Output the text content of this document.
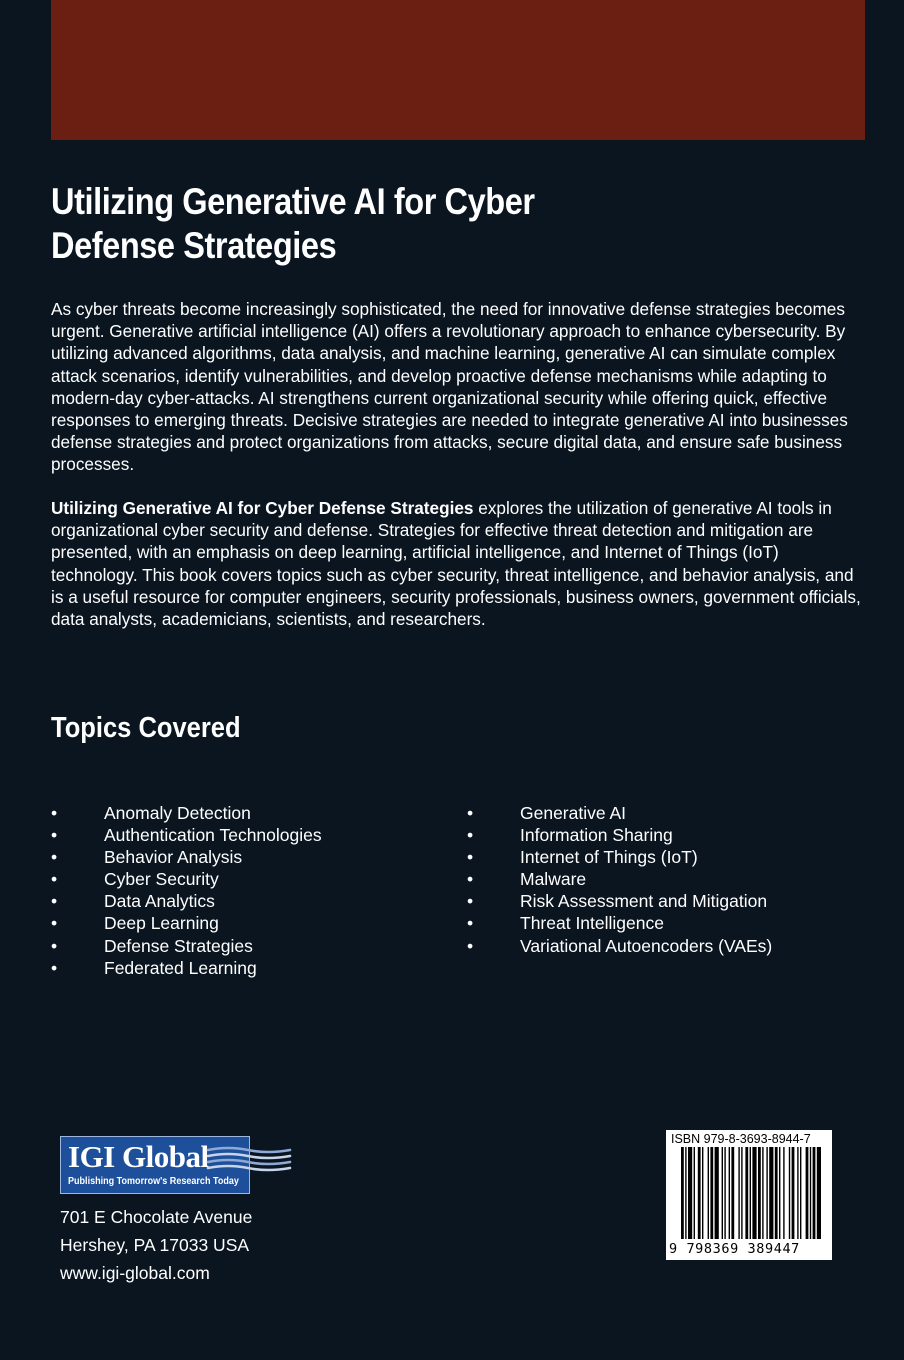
Utilizing Generative AI for Cyber
Defense Strategies

As cyber threats become increasingly sophisticated, the need for innovative defense strategies becomes urgent. Generative artificial intelligence (AI) offers a revolutionary approach to enhance cybersecurity. By utilizing advanced algorithms, data analysis, and machine learning, generative AI can simulate complex attack scenarios, identify vulnerabilities, and develop proactive defense mechanisms while adapting to modern-day cyber-attacks. AI strengthens current organizational security while offering quick, effective responses to emerging threats. Decisive strategies are needed to integrate generative AI into businesses defense strategies and protect organizations from attacks, secure digital data, and ensure safe business processes.

Utilizing Generative AI for Cyber Defense Strategies explores the utilization of generative AI tools in organizational cyber security and defense. Strategies for effective threat detection and mitigation are presented, with an emphasis on deep learning, artificial intelligence, and Internet of Things (IoT) technology. This book covers topics such as cyber security, threat intelligence, and behavior analysis, and is a useful resource for computer engineers, security professionals, business owners, government officials, data analysts, academicians, scientists, and researchers.

Topics Covered
•	Anomaly Detection
•	Authentication Technologies
•	Behavior Analysis
•	Cyber Security
•	Data Analytics
•	Deep Learning
•	Defense Strategies
•	Federated Learning
•	Generative AI
•	Information Sharing
•	Internet of Things (IoT)
•	Malware
•	Risk Assessment and Mitigation
•	Threat Intelligence
•	Variational Autoencoders (VAEs)
IGI Global
Publishing Tomorrow's Research Today
701 E Chocolate Avenue
Hershey, PA 17033 USA
www.igi-global.com
ISBN 979-8-3693-8944-7
9 798369 389447
